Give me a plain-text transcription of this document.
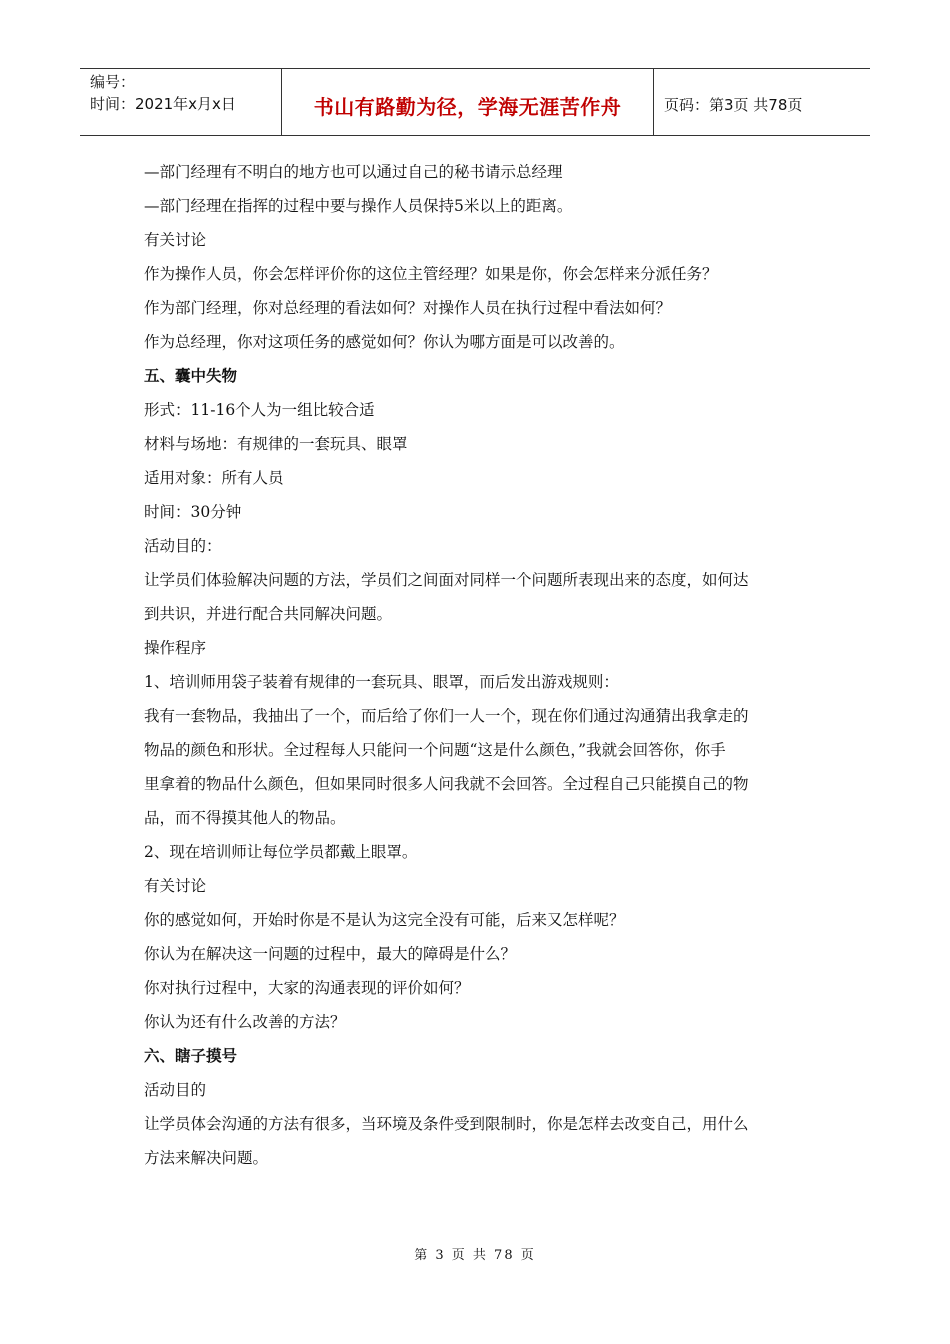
编号：
时间：2021年x月x日	书山有路勤为径，学海无涯苦作舟	页码：第3页 共78页
—部门经理有不明白的地方也可以通过自己的秘书请示总经理
—部门经理在指挥的过程中要与操作人员保持5米以上的距离。
有关讨论
作为操作人员，你会怎样评价你的这位主管经理？如果是你，你会怎样来分派任务？
作为部门经理，你对总经理的看法如何？对操作人员在执行过程中看法如何？
作为总经理，你对这项任务的感觉如何？你认为哪方面是可以改善的。
五、囊中失物
形式：11-16个人为一组比较合适
材料与场地：有规律的一套玩具、眼罩
适用对象：所有人员
时间：30分钟
活动目的：
让学员们体验解决问题的方法，学员们之间面对同样一个问题所表现出来的态度，如何达
到共识，并进行配合共同解决问题。
操作程序
1、培训师用袋子装着有规律的一套玩具、眼罩，而后发出游戏规则：
我有一套物品，我抽出了一个，而后给了你们一人一个，现在你们通过沟通猜出我拿走的
物品的颜色和形状。全过程每人只能问一个问题“这是什么颜色，”我就会回答你，你手
里拿着的物品什么颜色，但如果同时很多人问我就不会回答。全过程自己只能摸自己的物
品，而不得摸其他人的物品。
2、现在培训师让每位学员都戴上眼罩。
有关讨论
你的感觉如何，开始时你是不是认为这完全没有可能，后来又怎样呢？
你认为在解决这一问题的过程中，最大的障碍是什么？
你对执行过程中，大家的沟通表现的评价如何？
你认为还有什么改善的方法？
六、瞎子摸号
活动目的
让学员体会沟通的方法有很多，当环境及条件受到限制时，你是怎样去改变自己，用什么
方法来解决问题。
第 3 页 共 78 页
